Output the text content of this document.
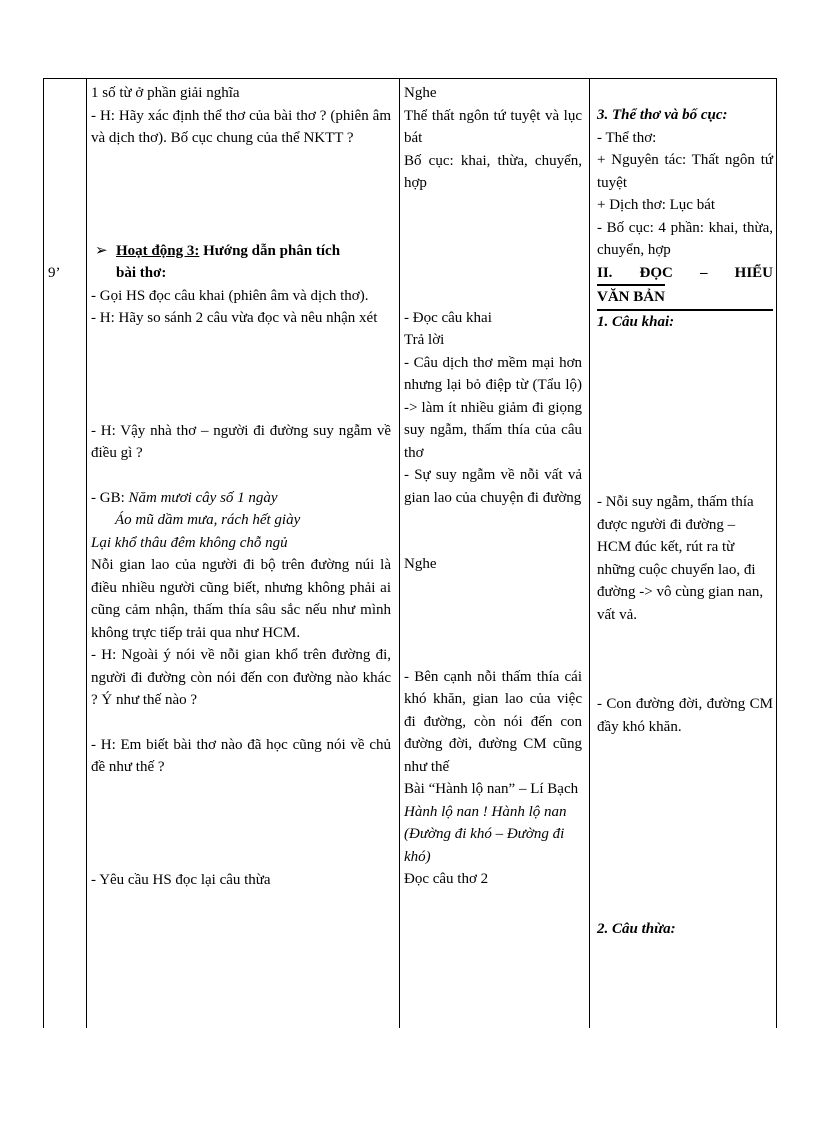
9’

1 số từ ở phần giải nghĩa

- H: Hãy xác định thể thơ của bài thơ ? (phiên âm và dịch thơ). Bố cục chung của thể NKTT ?

➢ Hoạt động 3: Hướng dẫn phân tích
bài thơ:

- Gọi HS đọc câu khai (phiên âm và dịch thơ).

- H: Hãy so sánh 2 câu vừa đọc và nêu nhận xét

- H: Vậy nhà thơ – người đi đường suy ngẫm về điều gì ?

- GB: Năm mươi cây số 1 ngày

Áo mũ dầm mưa, rách hết giày

Lại khổ thâu đêm không chỗ ngủ

Nỗi gian lao của người đi bộ trên đường núi là điều nhiều người cũng biết, nhưng không phải ai cũng cảm nhận, thấm thía sâu sắc nếu như mình không trực tiếp trải qua như HCM.

- H: Ngoài ý nói về nỗi gian khổ trên đường đi, người đi đường còn nói đến con đường nào khác ? Ý như thế nào ?

- H: Em biết bài thơ nào đã học cũng nói về chủ đề như thế ?

- Yêu cầu HS đọc lại câu thừa

Nghe

Thể thất ngôn tứ tuyệt và lục bát

Bố cục: khai, thừa, chuyển, hợp

- Đọc câu khai

Trả lời

- Câu dịch thơ mềm mại hơn nhưng lại bỏ điệp từ (Tẩu lộ) -> làm ít nhiều giảm đi giọng suy ngẫm, thấm thía của câu thơ

- Sự suy ngẫm về nỗi vất vả gian lao của chuyện đi đường

Nghe

- Bên cạnh nỗi thấm thía cái khó khăn, gian lao của việc đi đường, còn nói đến con đường đời, đường CM cũng như thế

Bài “Hành lộ nan” – Lí Bạch

Hành lộ nan ! Hành lộ nan

(Đường đi khó – Đường đi khó)

Đọc câu thơ 2

3. Thể thơ và bố cục:

- Thể thơ:

+ Nguyên tác: Thất ngôn tứ tuyệt

+ Dịch thơ: Lục bát

- Bố cục: 4 phần: khai, thừa, chuyển, hợp

II. ĐỌC – HIỂU
VĂN BẢN

1. Câu khai:

- Nỗi suy ngẫm, thấm thía được người đi đường – HCM đúc kết, rút ra từ những cuộc chuyển lao, đi đường -> vô cùng gian nan, vất vả.

- Con đường đời, đường CM đầy khó khăn.

2. Câu thừa:
